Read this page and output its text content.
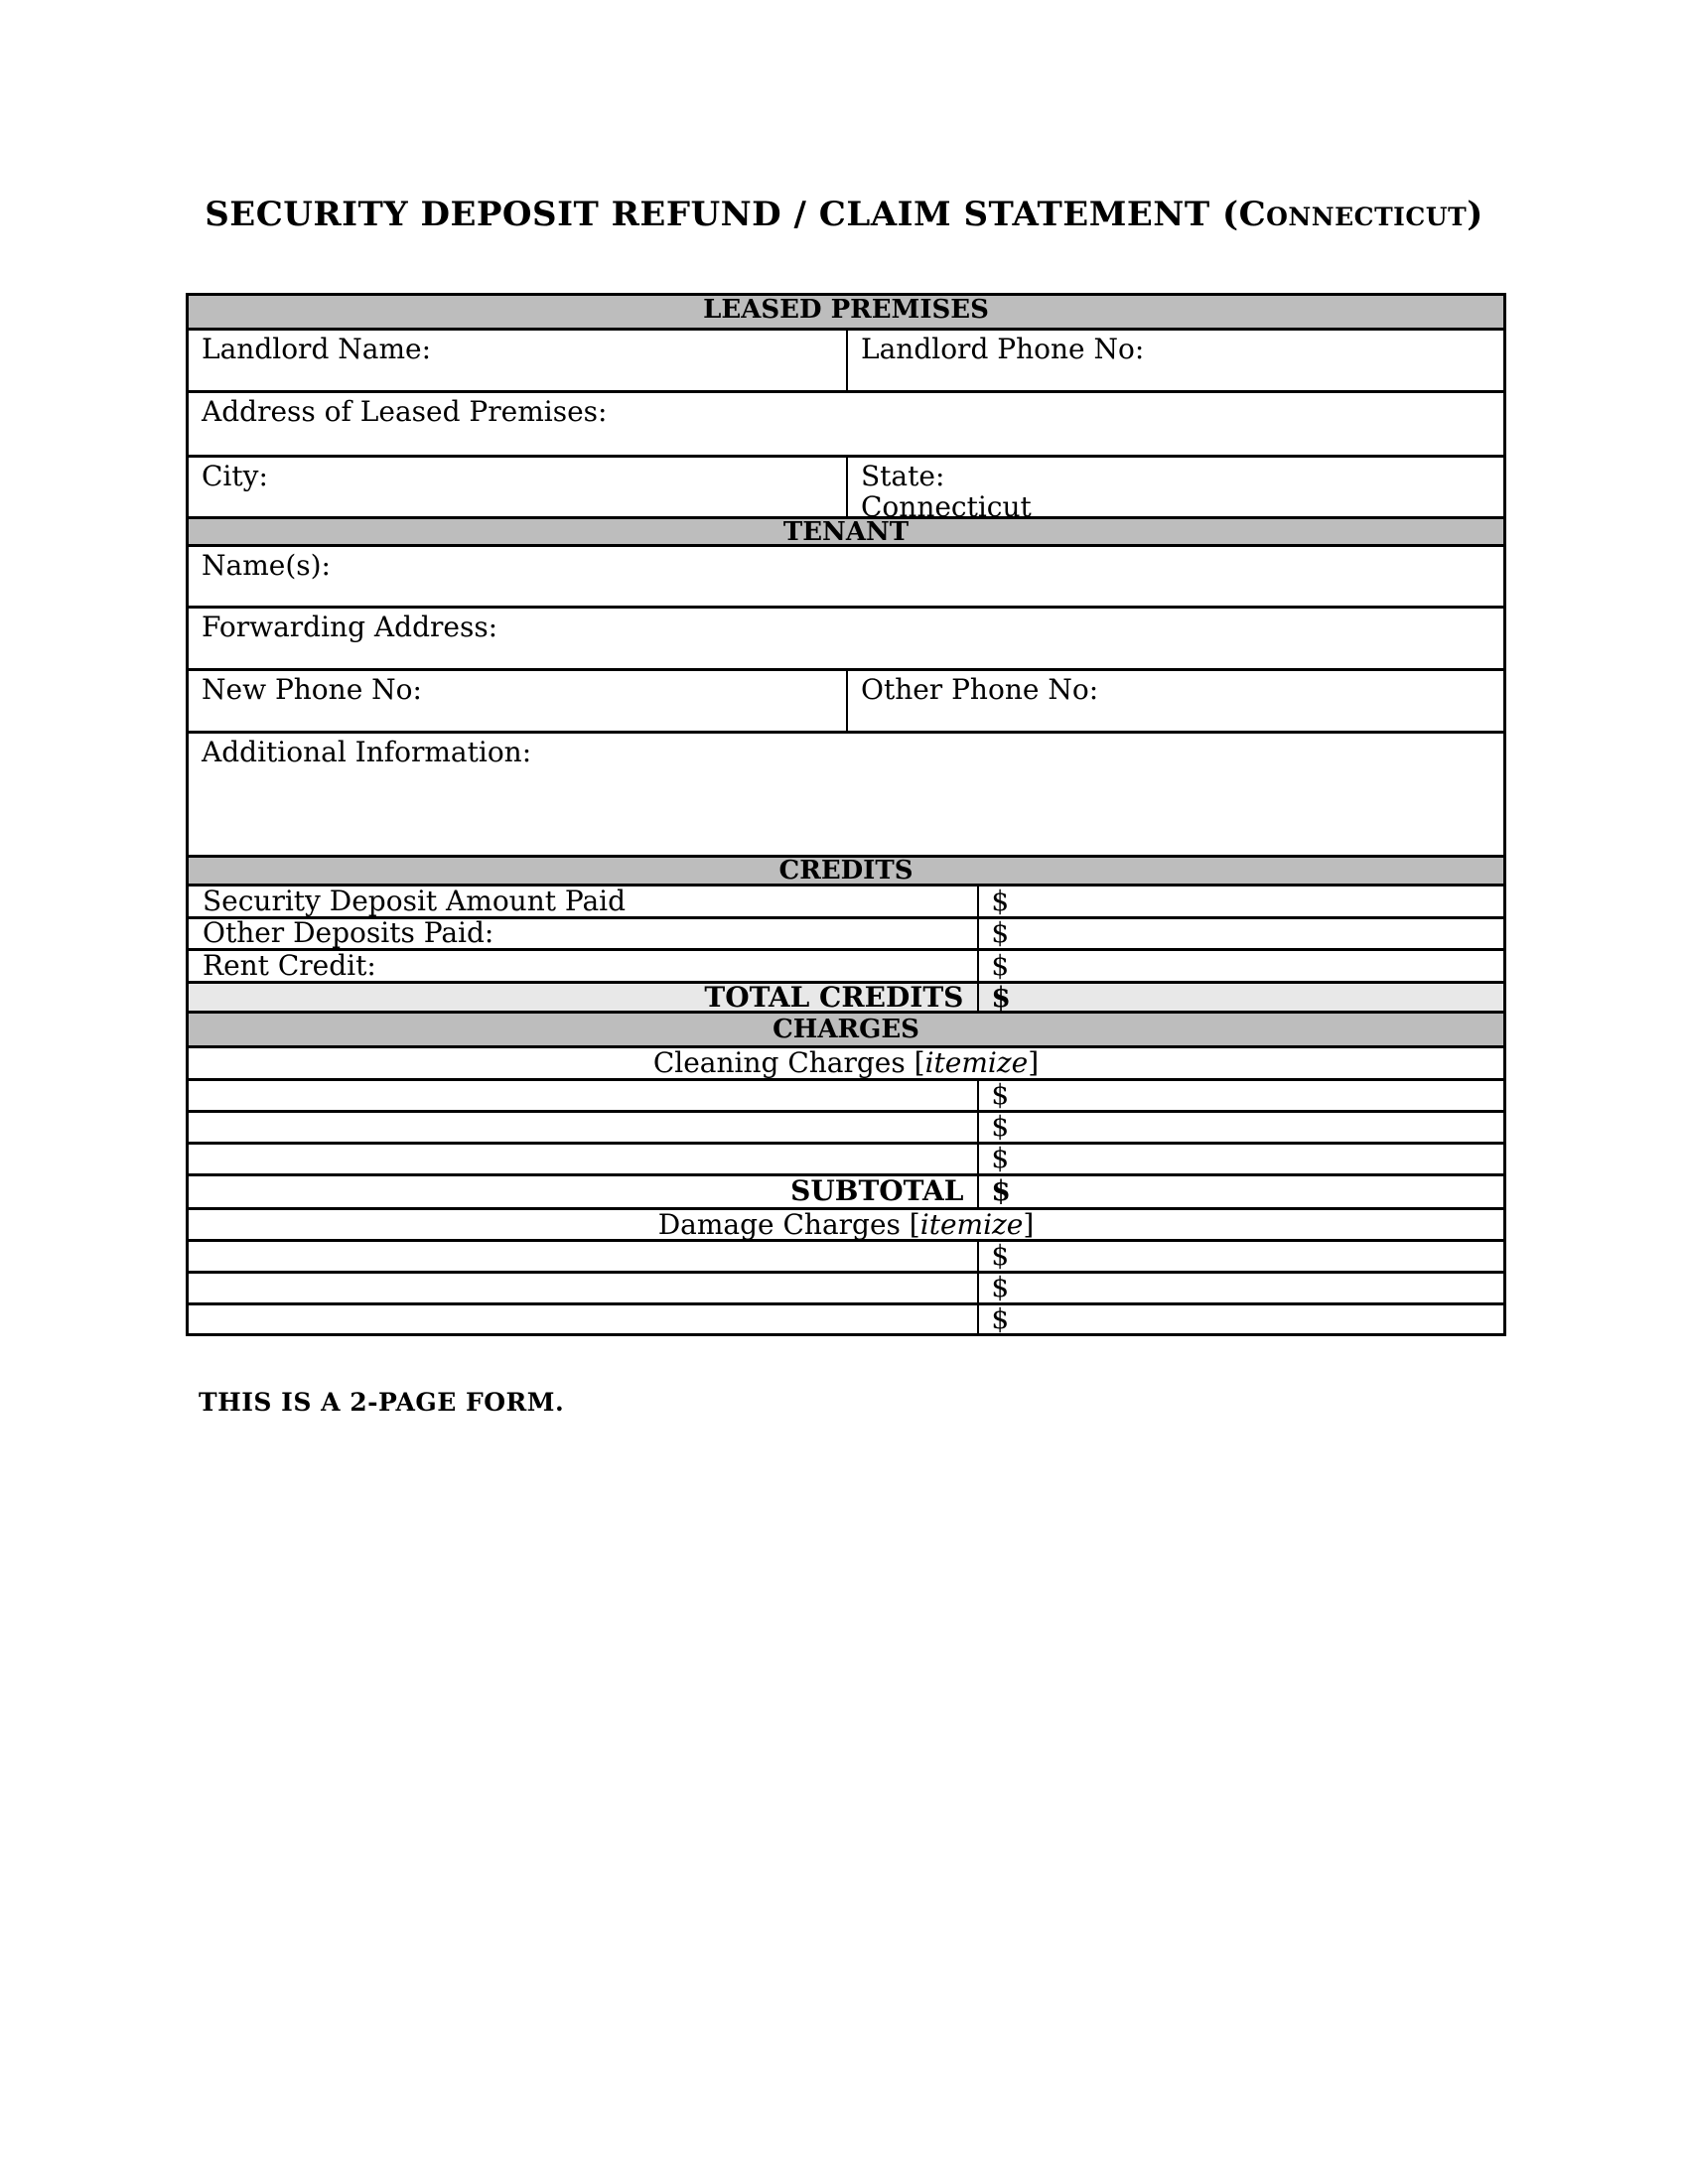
SECURITY DEPOSIT REFUND / CLAIM STATEMENT (CONNECTICUT)
LEASED PREMISES
Landlord Name:	Landlord Phone No:
Address of Leased Premises:
City:	State:
Connecticut
TENANT
Name(s):
Forwarding Address:
New Phone No:	Other Phone No:
Additional Information:
CREDITS
Security Deposit Amount Paid	$
Other Deposits Paid:	$
Rent Credit:	$
TOTAL CREDITS	$
CHARGES
Cleaning Charges [itemize]
$
$
$
SUBTOTAL	$
Damage Charges [itemize]
$
$
$
THIS IS A 2-PAGE FORM.
